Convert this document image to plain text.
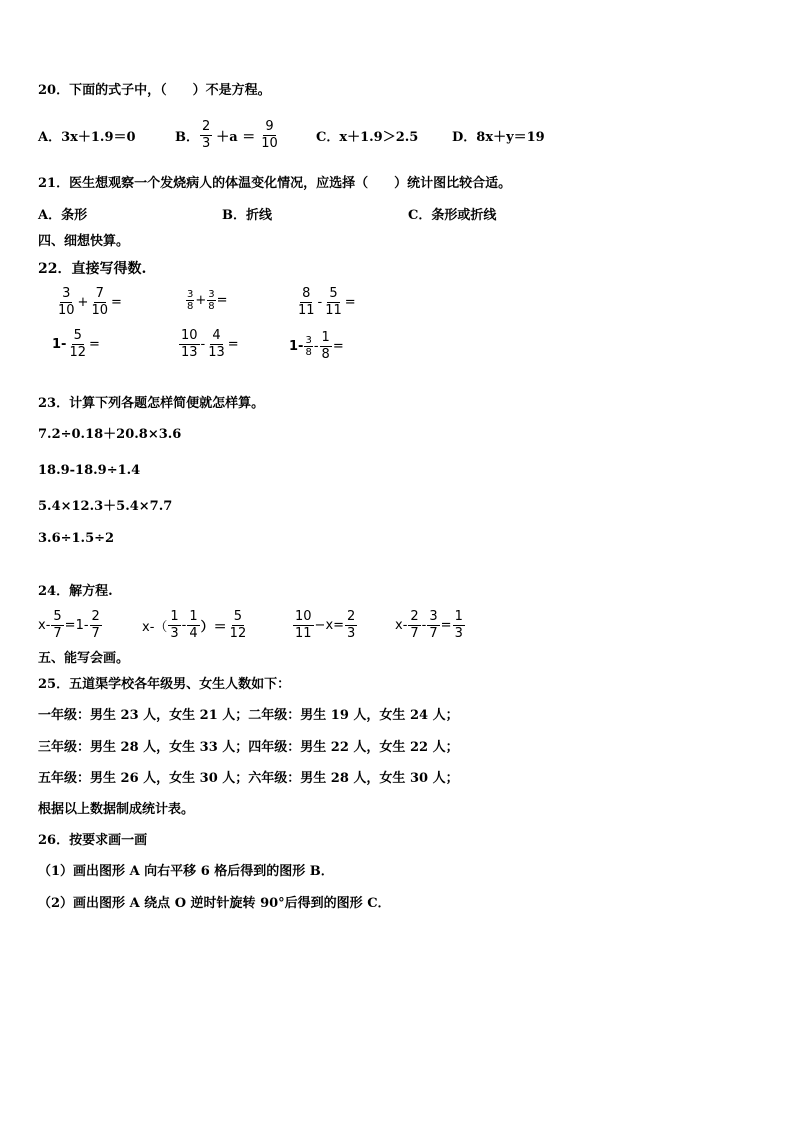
20．下面的式子中，（　　）不是方程。
A．3x＋1.9＝0	B． $\frac{2}{3} +a = \frac{9}{10}$	C．x＋1.9＞2.5	D．8x＋y＝19
21．医生想观察一个发烧病人的体温变化情况，应选择（　　）统计图比较合适。
A．条形	B．折线	C．条形或折线
四、细想快算。
22．直接写得数.
$\frac{3}{10} + \frac{7}{10}$ =	$\frac{3}{8} + \frac{3}{8}$ =	$\frac{8}{11} - \frac{5}{11}$ =
$1- \frac{5}{12}$ =	$\frac{10}{13} - \frac{4}{13}$ =	$1- \frac{3}{8} - \frac{1}{8}$ =
23．计算下列各题怎样简便就怎样算。
7.2÷0.18＋20.8×3.6
18.9-18.9÷1.4
5.4×12.3＋5.4×7.7
3.6÷1.5÷2
24．解方程.
$x- \frac{5}{7} =1- \frac{2}{7}$	$x-( \frac{1}{3} - \frac{1}{4}$ ）＝ $\frac{5}{12}$	$\frac{10}{11} -x= \frac{2}{3}$	$x- \frac{2}{7} - \frac{3}{7} = \frac{1}{3}$
五、能写会画。
25．五道渠学校各年级男、女生人数如下：
一年级：男生 23 人，女生 21 人；二年级：男生 19 人，女生 24 人；
三年级：男生 28 人，女生 33 人；四年级：男生 22 人，女生 22 人；
五年级：男生 26 人，女生 30 人；六年级：男生 28 人，女生 30 人；
根据以上数据制成统计表。
26．按要求画一画
（1）画出图形 A 向右平移 6 格后得到的图形 B．
（2）画出图形 A 绕点 O 逆时针旋转 90°后得到的图形 C．
